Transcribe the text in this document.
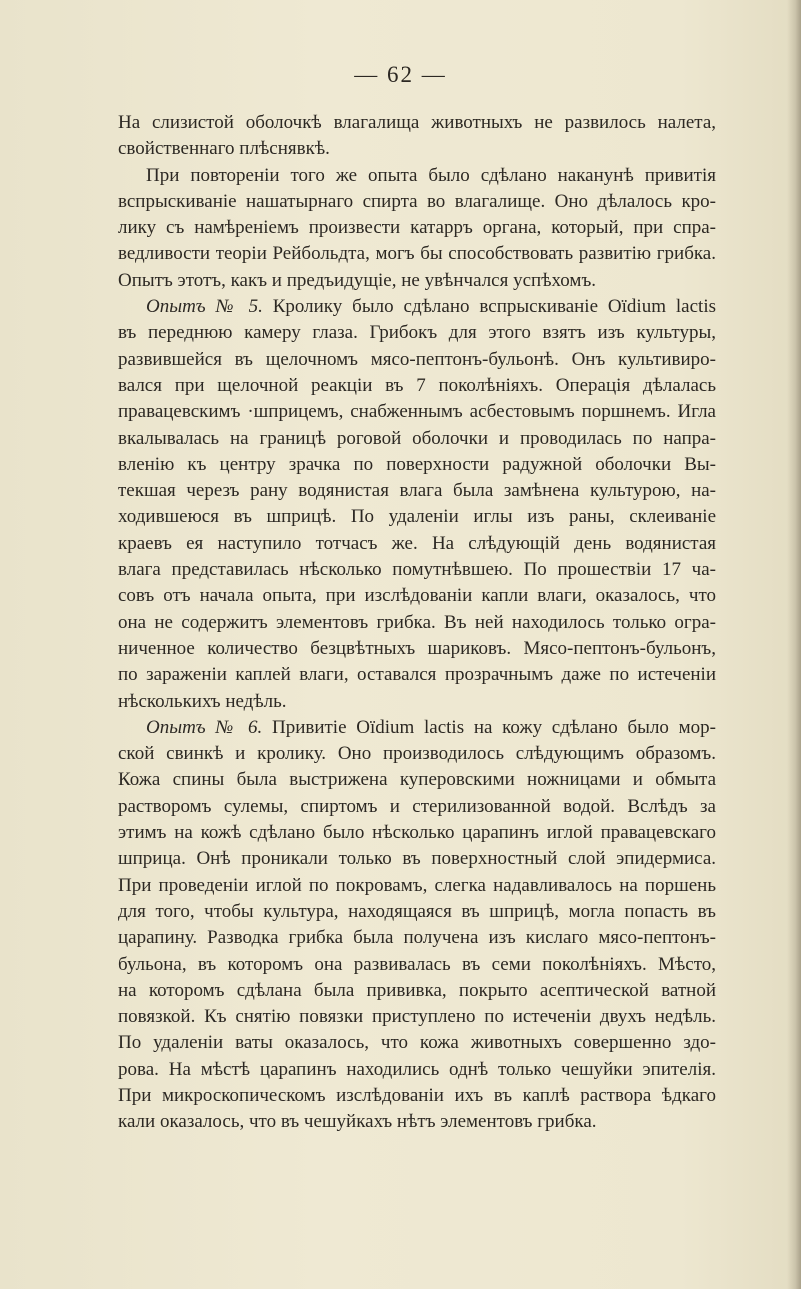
— 62 —
На слизистой оболочкѣ влагалища животныхъ не развилось налета,
свойственнаго плѣснявкѣ.
При повтореніи того же опыта было сдѣлано наканунѣ привитія
вспрыскиваніе нашатырнаго спирта во влагалище. Оно дѣлалось кро-
лику съ намѣреніемъ произвести катарръ органа, который, при спра-
ведливости теоріи Рейбольдта, могъ бы способствовать развитію грибка.
Опытъ этотъ, какъ и предъидущіе, не увѣнчался успѣхомъ.
Опытъ № 5. Кролику было сдѣлано вспрыскиваніе Oïdium lactis
въ переднюю камеру глаза. Грибокъ для этого взятъ изъ культуры,
развившейся въ щелочномъ мясо-пептонъ-бульонѣ. Онъ культивиро-
вался при щелочной реакціи въ 7 поколѣніяхъ. Операція дѣлалась
правацевскимъ ·шприцемъ, снабженнымъ асбестовымъ поршнемъ. Игла
вкалывалась на границѣ роговой оболочки и проводилась по напра-
вленію къ центру зрачка по поверхности радужной оболочки Вы-
текшая черезъ рану водянистая влага была замѣнена культурою, на-
ходившеюся въ шприцѣ. По удаленіи иглы изъ раны, склеиваніе
краевъ ея наступило тотчасъ же. На слѣдующій день водянистая
влага представилась нѣсколько помутнѣвшею. По прошествіи 17 ча-
совъ отъ начала опыта, при изслѣдованіи капли влаги, оказалось, что
она не содержитъ элементовъ грибка. Въ ней находилось только огра-
ниченное количество безцвѣтныхъ шариковъ. Мясо-пептонъ-бульонъ,
по зараженіи каплей влаги, оставался прозрачнымъ даже по истеченіи
нѣсколькихъ недѣль.
Опытъ № 6. Привитіе Oïdium lactis на кожу сдѣлано было мор-
ской свинкѣ и кролику. Оно производилось слѣдующимъ образомъ.
Кожа спины была выстрижена куперовскими ножницами и обмыта
растворомъ сулемы, спиртомъ и стерилизованной водой. Вслѣдъ за
этимъ на кожѣ сдѣлано было нѣсколько царапинъ иглой правацевскаго
шприца. Онѣ проникали только въ поверхностный слой эпидермиса.
При проведеніи иглой по покровамъ, слегка надавливалось на поршень
для того, чтобы культура, находящаяся въ шприцѣ, могла попасть въ
царапину. Разводка грибка была получена изъ кислаго мясо-пептонъ-
бульона, въ которомъ она развивалась въ семи поколѣніяхъ. Мѣсто,
на которомъ сдѣлана была прививка, покрыто асептической ватной
повязкой. Къ снятію повязки приступлено по истеченіи двухъ недѣль.
По удаленіи ваты оказалось, что кожа животныхъ совершенно здо-
рова. На мѣстѣ царапинъ находились однѣ только чешуйки эпителія.
При микроскопическомъ изслѣдованіи ихъ въ каплѣ раствора ѣдкаго
кали оказалось, что въ чешуйкахъ нѣтъ элементовъ грибка.
